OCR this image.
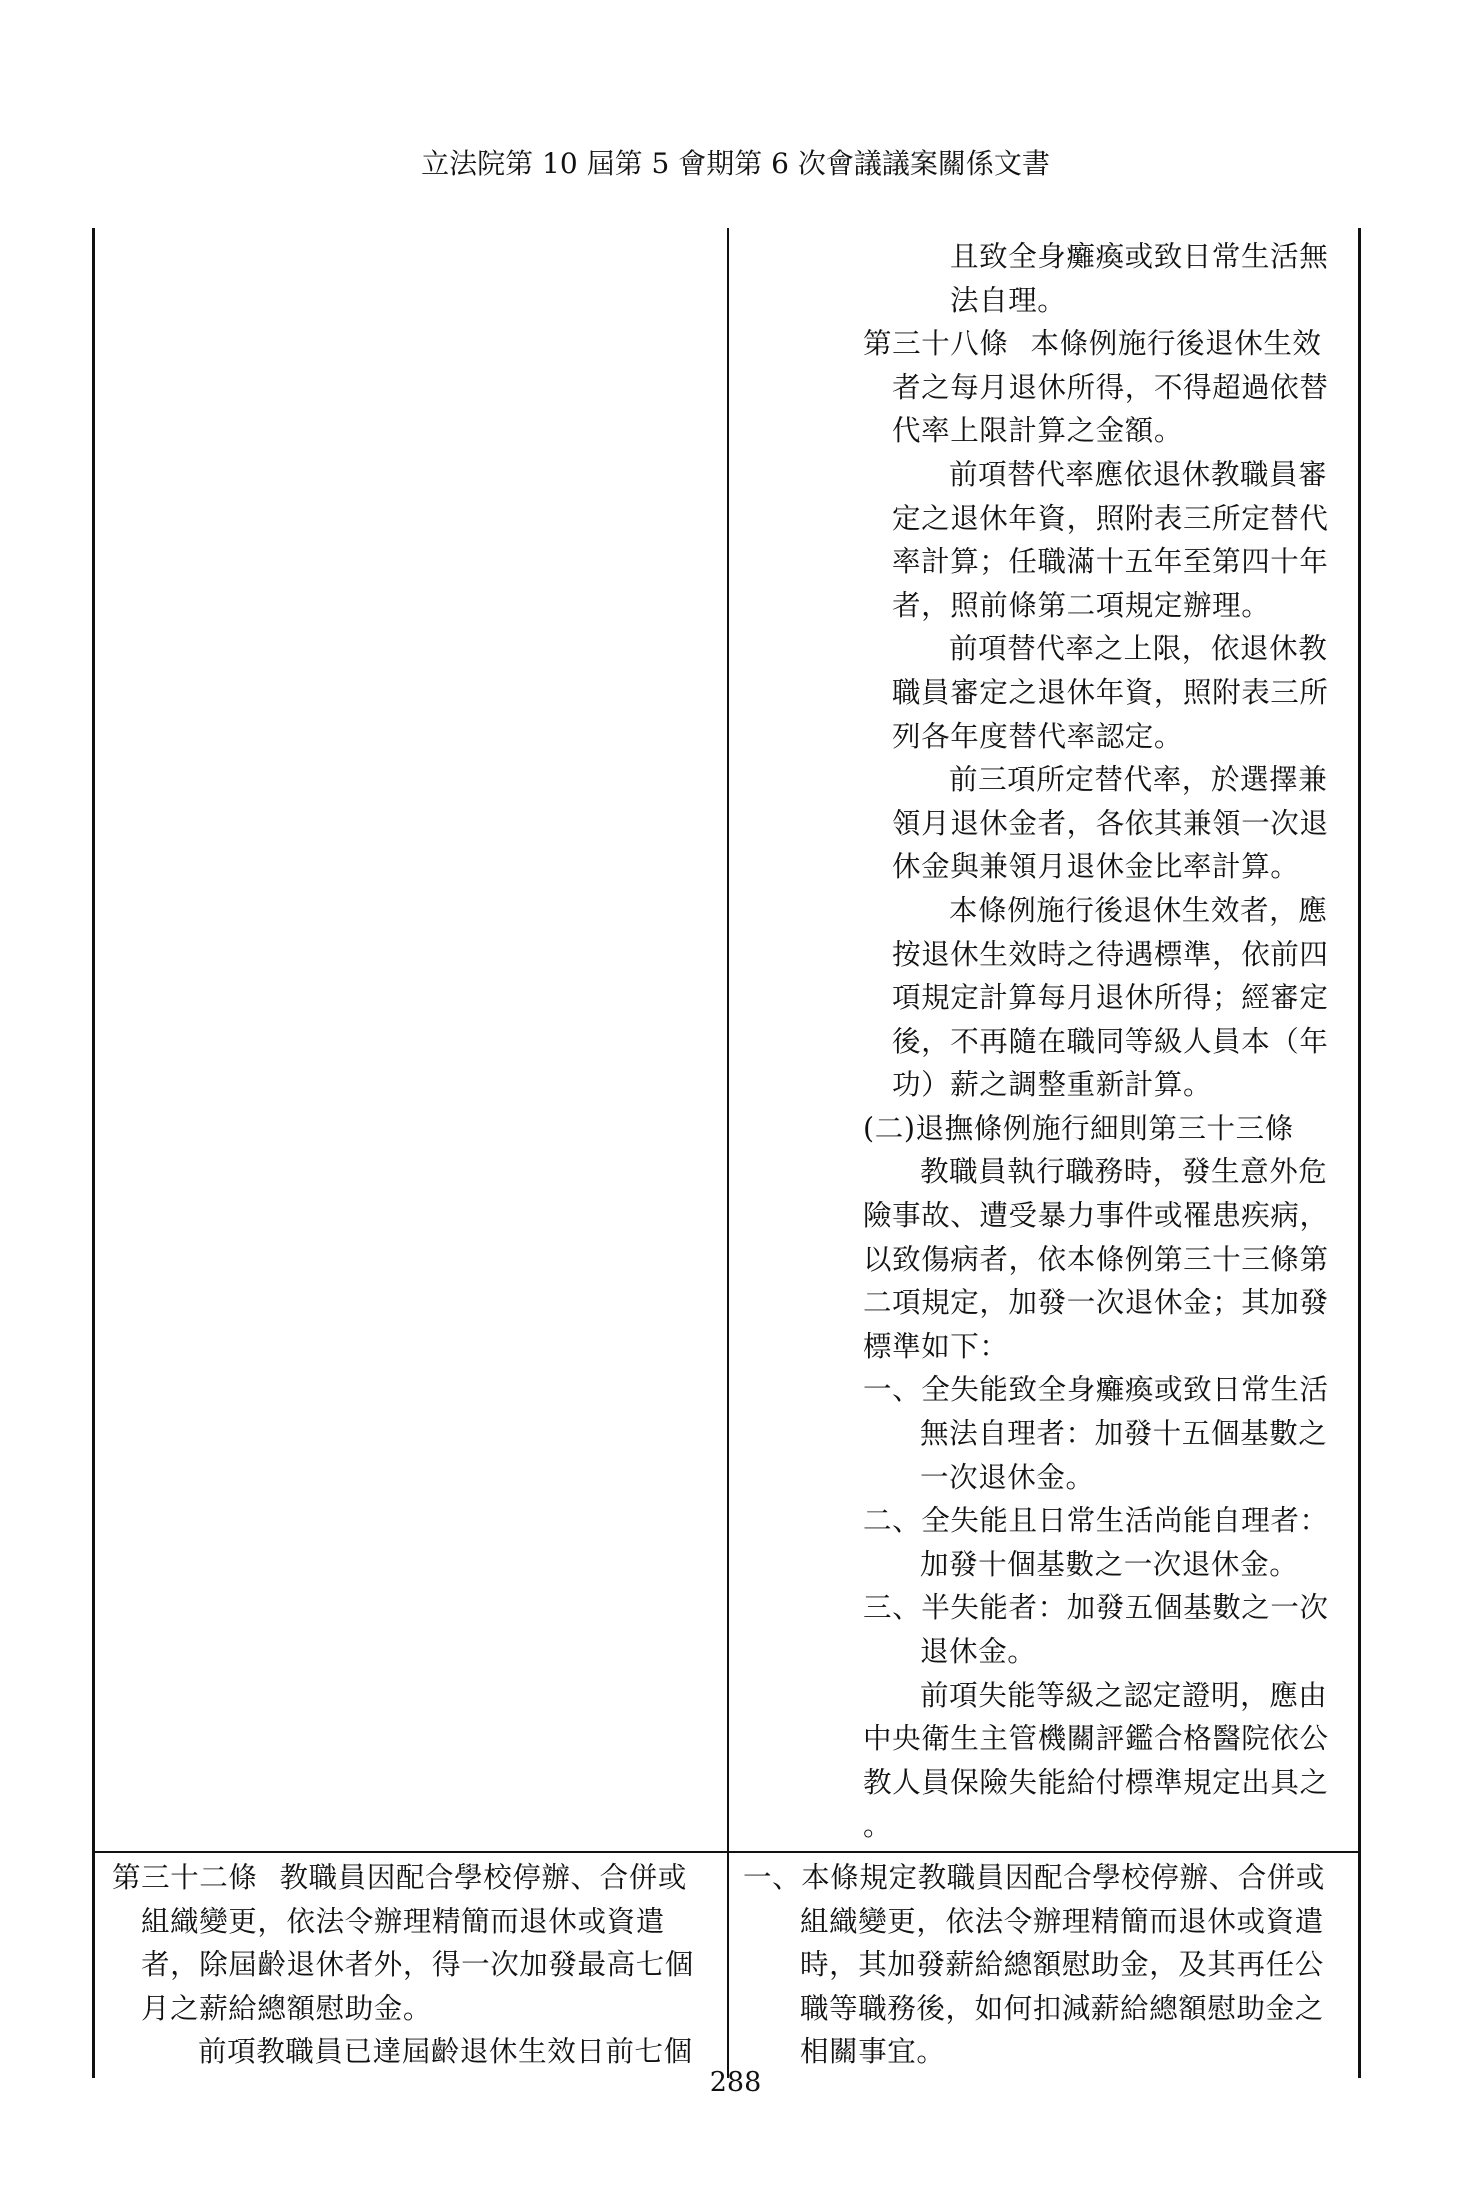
立法院第 10 屆第 5 會期第 6 次會議議案關係文書

且致全身癱瘓或致日常生活無

法自理。

第三十八條 本條例施行後退休生效者之每月退休所得，不得超過依替代率上限計算之金額。

前項替代率應依退休教職員審定之退休年資，照附表三所定替代率計算；任職滿十五年至第四十年者，照前條第二項規定辦理。

前項替代率之上限，依退休教職員審定之退休年資，照附表三所列各年度替代率認定。

前三項所定替代率，於選擇兼領月退休金者，各依其兼領一次退休金與兼領月退休金比率計算。

本條例施行後退休生效者，應按退休生效時之待遇標準，依前四項規定計算每月退休所得；經審定後，不再隨在職同等級人員本（年功）薪之調整重新計算。

(二)退撫條例施行細則第三十三條

教職員執行職務時，發生意外危險事故、遭受暴力事件或罹患疾病，以致傷病者，依本條例第三十三條第二項規定，加發一次退休金；其加發標準如下：

一、全失能致全身癱瘓或致日常生活無法自理者：加發十五個基數之一次退休金。

二、全失能且日常生活尚能自理者：加發十個基數之一次退休金。

三、半失能者：加發五個基數之一次退休金。

前項失能等級之認定證明，應由中央衛生主管機關評鑑合格醫院依公教人員保險失能給付標準規定出具之

。

第三十二條 教職員因配合學校停辦、合併或組織變更，依法令辦理精簡而退休或資遣者，除屆齡退休者外，得一次加發最高七個月之薪給總額慰助金。

前項教職員已達屆齡退休生效日前七個

一、本條規定教職員因配合學校停辦、合併或組織變更，依法令辦理精簡而退休或資遣時，其加發薪給總額慰助金，及其再任公職等職務後，如何扣減薪給總額慰助金之相關事宜。

288
